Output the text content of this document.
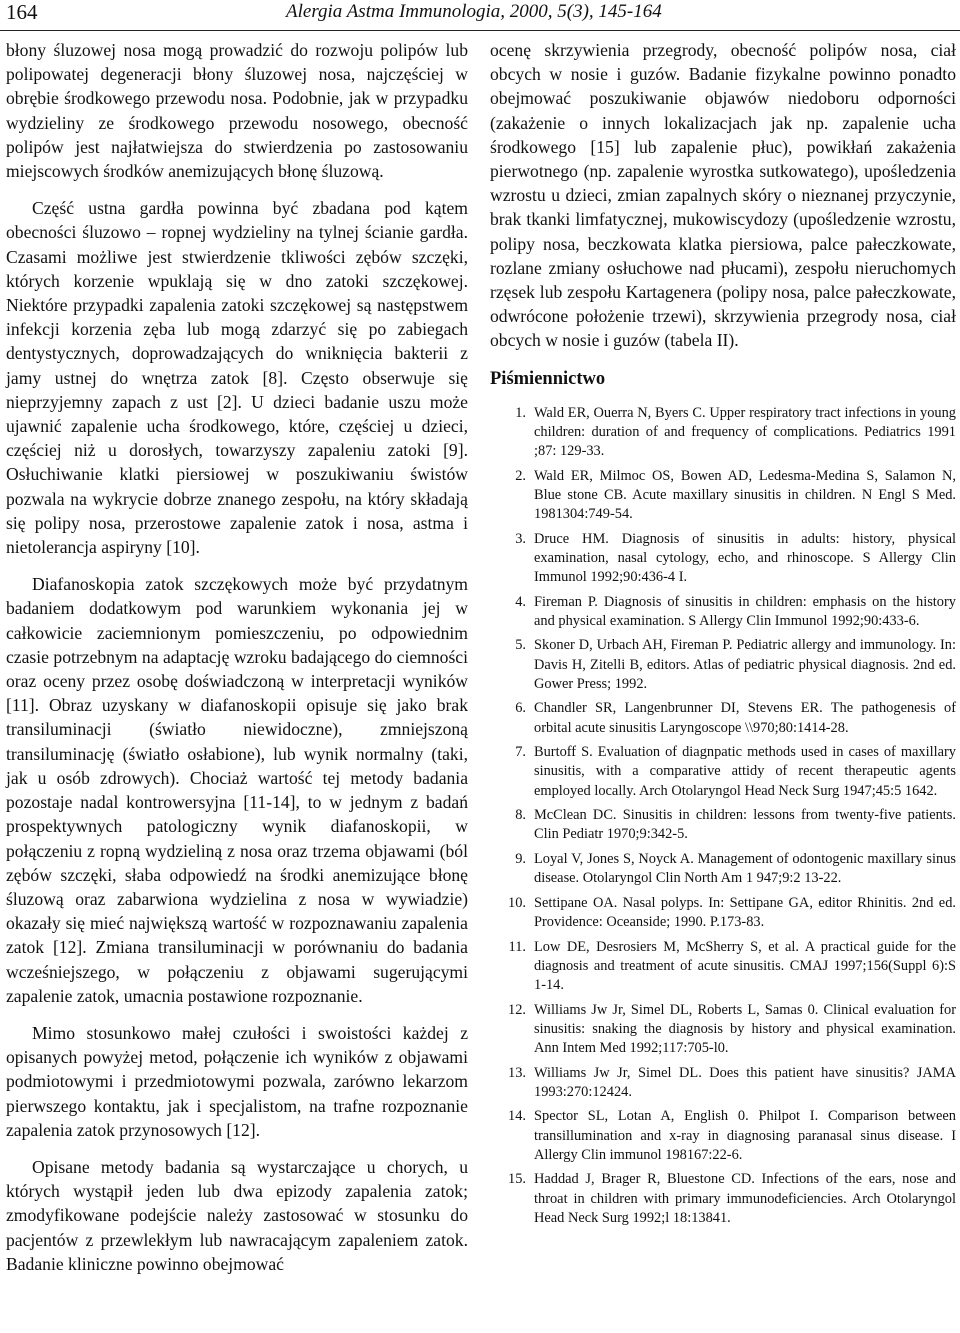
164	Alergia Astma Immunologia, 2000, 5(3), 145-164

błony śluzowej nosa mogą prowadzić do rozwoju polipów lub polipowatej degeneracji błony śluzowej nosa, najczęściej w obrębie środkowego przewodu nosa. Podobnie, jak w przypadku wydzieliny ze środkowego przewodu nosowego, obecność polipów jest najłatwiejsza do stwierdzenia po zastosowaniu miejscowych środków anemizujących błonę śluzową.

Część ustna gardła powinna być zbadana pod kątem obecności śluzowo – ropnej wydzieliny na tylnej ścianie gardła. Czasami możliwe jest stwierdzenie tkliwości zębów szczęki, których korzenie wpuklają się w dno zatoki szczękowej. Niektóre przypadki zapalenia zatoki szczękowej są następstwem infekcji korzenia zęba lub mogą zdarzyć się po zabiegach dentystycznych, doprowadzających do wniknięcia bakterii z jamy ustnej do wnętrza zatok [8]. Często obserwuje się nieprzyjemny zapach z ust [2]. U dzieci badanie uszu może ujawnić zapalenie ucha środkowego, które, częściej u dzieci, częściej niż u dorosłych, towarzyszy zapaleniu zatoki [9]. Osłuchiwanie klatki piersiowej w poszukiwaniu świstów pozwala na wykrycie dobrze znanego zespołu, na który składają się polipy nosa, przerostowe zapalenie zatok i nosa, astma i nietolerancja aspiryny [10].

Diafanoskopia zatok szczękowych może być przydatnym badaniem dodatkowym pod warunkiem wykonania jej w całkowicie zaciemnionym pomieszczeniu, po odpowiednim czasie potrzebnym na adaptację wzroku badającego do ciemności oraz oceny przez osobę doświadczoną w interpretacji wyników [11]. Obraz uzyskany w diafanoskopii opisuje się jako brak transiluminacji (światło niewidoczne), zmniejszoną transiluminację (światło osłabione), lub wynik normalny (taki, jak u osób zdrowych). Chociaż wartość tej metody badania pozostaje nadal kontrowersyjna [11-14], to w jednym z badań prospektywnych patologiczny wynik diafanoskopii, w połączeniu z ropną wydzieliną z nosa oraz trzema objawami (ból zębów szczęki, słaba odpowiedź na środki anemizujące błonę śluzową oraz zabarwiona wydzielina z nosa w wywiadzie) okazały się mieć największą wartość w rozpoznawaniu zapalenia zatok [12]. Zmiana transiluminacji w porównaniu do badania wcześniejszego, w połączeniu z objawami sugerującymi zapalenie zatok, umacnia postawione rozpoznanie.

Mimo stosunkowo małej czułości i swoistości każdej z opisanych powyżej metod, połączenie ich wyników z objawami podmiotowymi i przedmiotowymi pozwala, zarówno lekarzom pierwszego kontaktu, jak i specjalistom, na trafne rozpoznanie zapalenia zatok przynosowych [12].

Opisane metody badania są wystarczające u chorych, u których wystąpił jeden lub dwa epizody zapalenia zatok; zmodyfikowane podejście należy zastosować w stosunku do pacjentów z przewlekłym lub nawracającym zapaleniem zatok. Badanie kliniczne powinno obejmować

ocenę skrzywienia przegrody, obecność polipów nosa, ciał obcych w nosie i guzów. Badanie fizykalne powinno ponadto obejmować poszukiwanie objawów niedoboru odporności (zakażenie o innych lokalizacjach jak np. zapalenie ucha środkowego [15] lub zapalenie płuc), powikłań zakażenia pierwotnego (np. zapalenie wyrostka sutkowatego), upośledzenia wzrostu u dzieci, zmian zapalnych skóry o nieznanej przyczynie, brak tkanki limfatycznej, mukowiscydozy (upośledzenie wzrostu, polipy nosa, beczkowata klatka piersiowa, palce pałeczkowate, rozlane zmiany osłuchowe nad płucami), zespołu nieruchomych rzęsek lub zespołu Kartagenera (polipy nosa, palce pałeczkowate, odwrócone położenie trzewi), skrzywienia przegrody nosa, ciał obcych w nosie i guzów (tabela II).

Piśmiennictwo
1. Wald ER, Ouerra N, Byers C. Upper respiratory tract infections in young children: duration of and frequency of complications. Pediatrics 1991 ;87: 129-33.
2. Wald ER, Milmoc OS, Bowen AD, Ledesma-Medina S, Salamon N, Blue stone CB. Acute maxillary sinusitis in children. N Engl S Med. 1981304:749-54.
3. Druce HM. Diagnosis of sinusitis in adults: history, physical examination, nasal cytology, echo, and rhinoscope. S Allergy Clin Immunol 1992;90:436-4 I.
4. Fireman P. Diagnosis of sinusitis in children: emphasis on the history and physical examination. S Allergy Clin Immunol 1992;90:433-6.
5. Skoner D, Urbach AH, Fireman P. Pediatric allergy and immunology. In: Davis H, Zitelli B, editors. Atlas of pediatric physical diagnosis. 2nd ed. Gower Press; 1992.
6. Chandler SR, Langenbrunner DI, Stevens ER. The pathogenesis of orbital acute sinusitis Laryngoscope \\970;80:1414-28.
7. Burtoff S. Evaluation of diagnpatic methods used in cases of maxillary sinusitis, with a comparative attidy of recent therapeutic agents employed locally. Arch Otolaryngol Head Neck Surg 1947;45:5 1642.
8. McClean DC. Sinusitis in children: lessons from twenty-five patients. Clin Pediatr 1970;9:342-5.
9. Loyal V, Jones S, Noyck A. Management of odontogenic maxillary sinus disease. Otolaryngol Clin North Am 1 947;9:2 13-22.
10. Settipane OA. Nasal polyps. In: Settipane GA, editor Rhinitis. 2nd ed. Providence: Oceanside; 1990. P.173-83.
11. Low DE, Desrosiers M, McSherry S, et al. A practical guide for the diagnosis and treatment of acute sinusitis. CMAJ 1997;156(Suppl 6):S 1-14.
12. Williams Jw Jr, Simel DL, Roberts L, Samas 0. Clinical evaluation for sinusitis: snaking the diagnosis by history and physical examination. Ann Intem Med 1992;117:705-l0.
13. Williams Jw Jr, Simel DL. Does this patient have sinusitis? JAMA 1993:270:12424.
14. Spector SL, Lotan A, English 0. Philpot I. Comparison between transillumination and x-ray in diagnosing paranasal sinus disease. I Allergy Clin immunol 198167:22-6.
15. Haddad J, Brager R, Bluestone CD. Infections of the ears, nose and throat in children with primary immunodeficiencies. Arch Otolaryngol Head Neck Surg 1992;l 18:13841.
